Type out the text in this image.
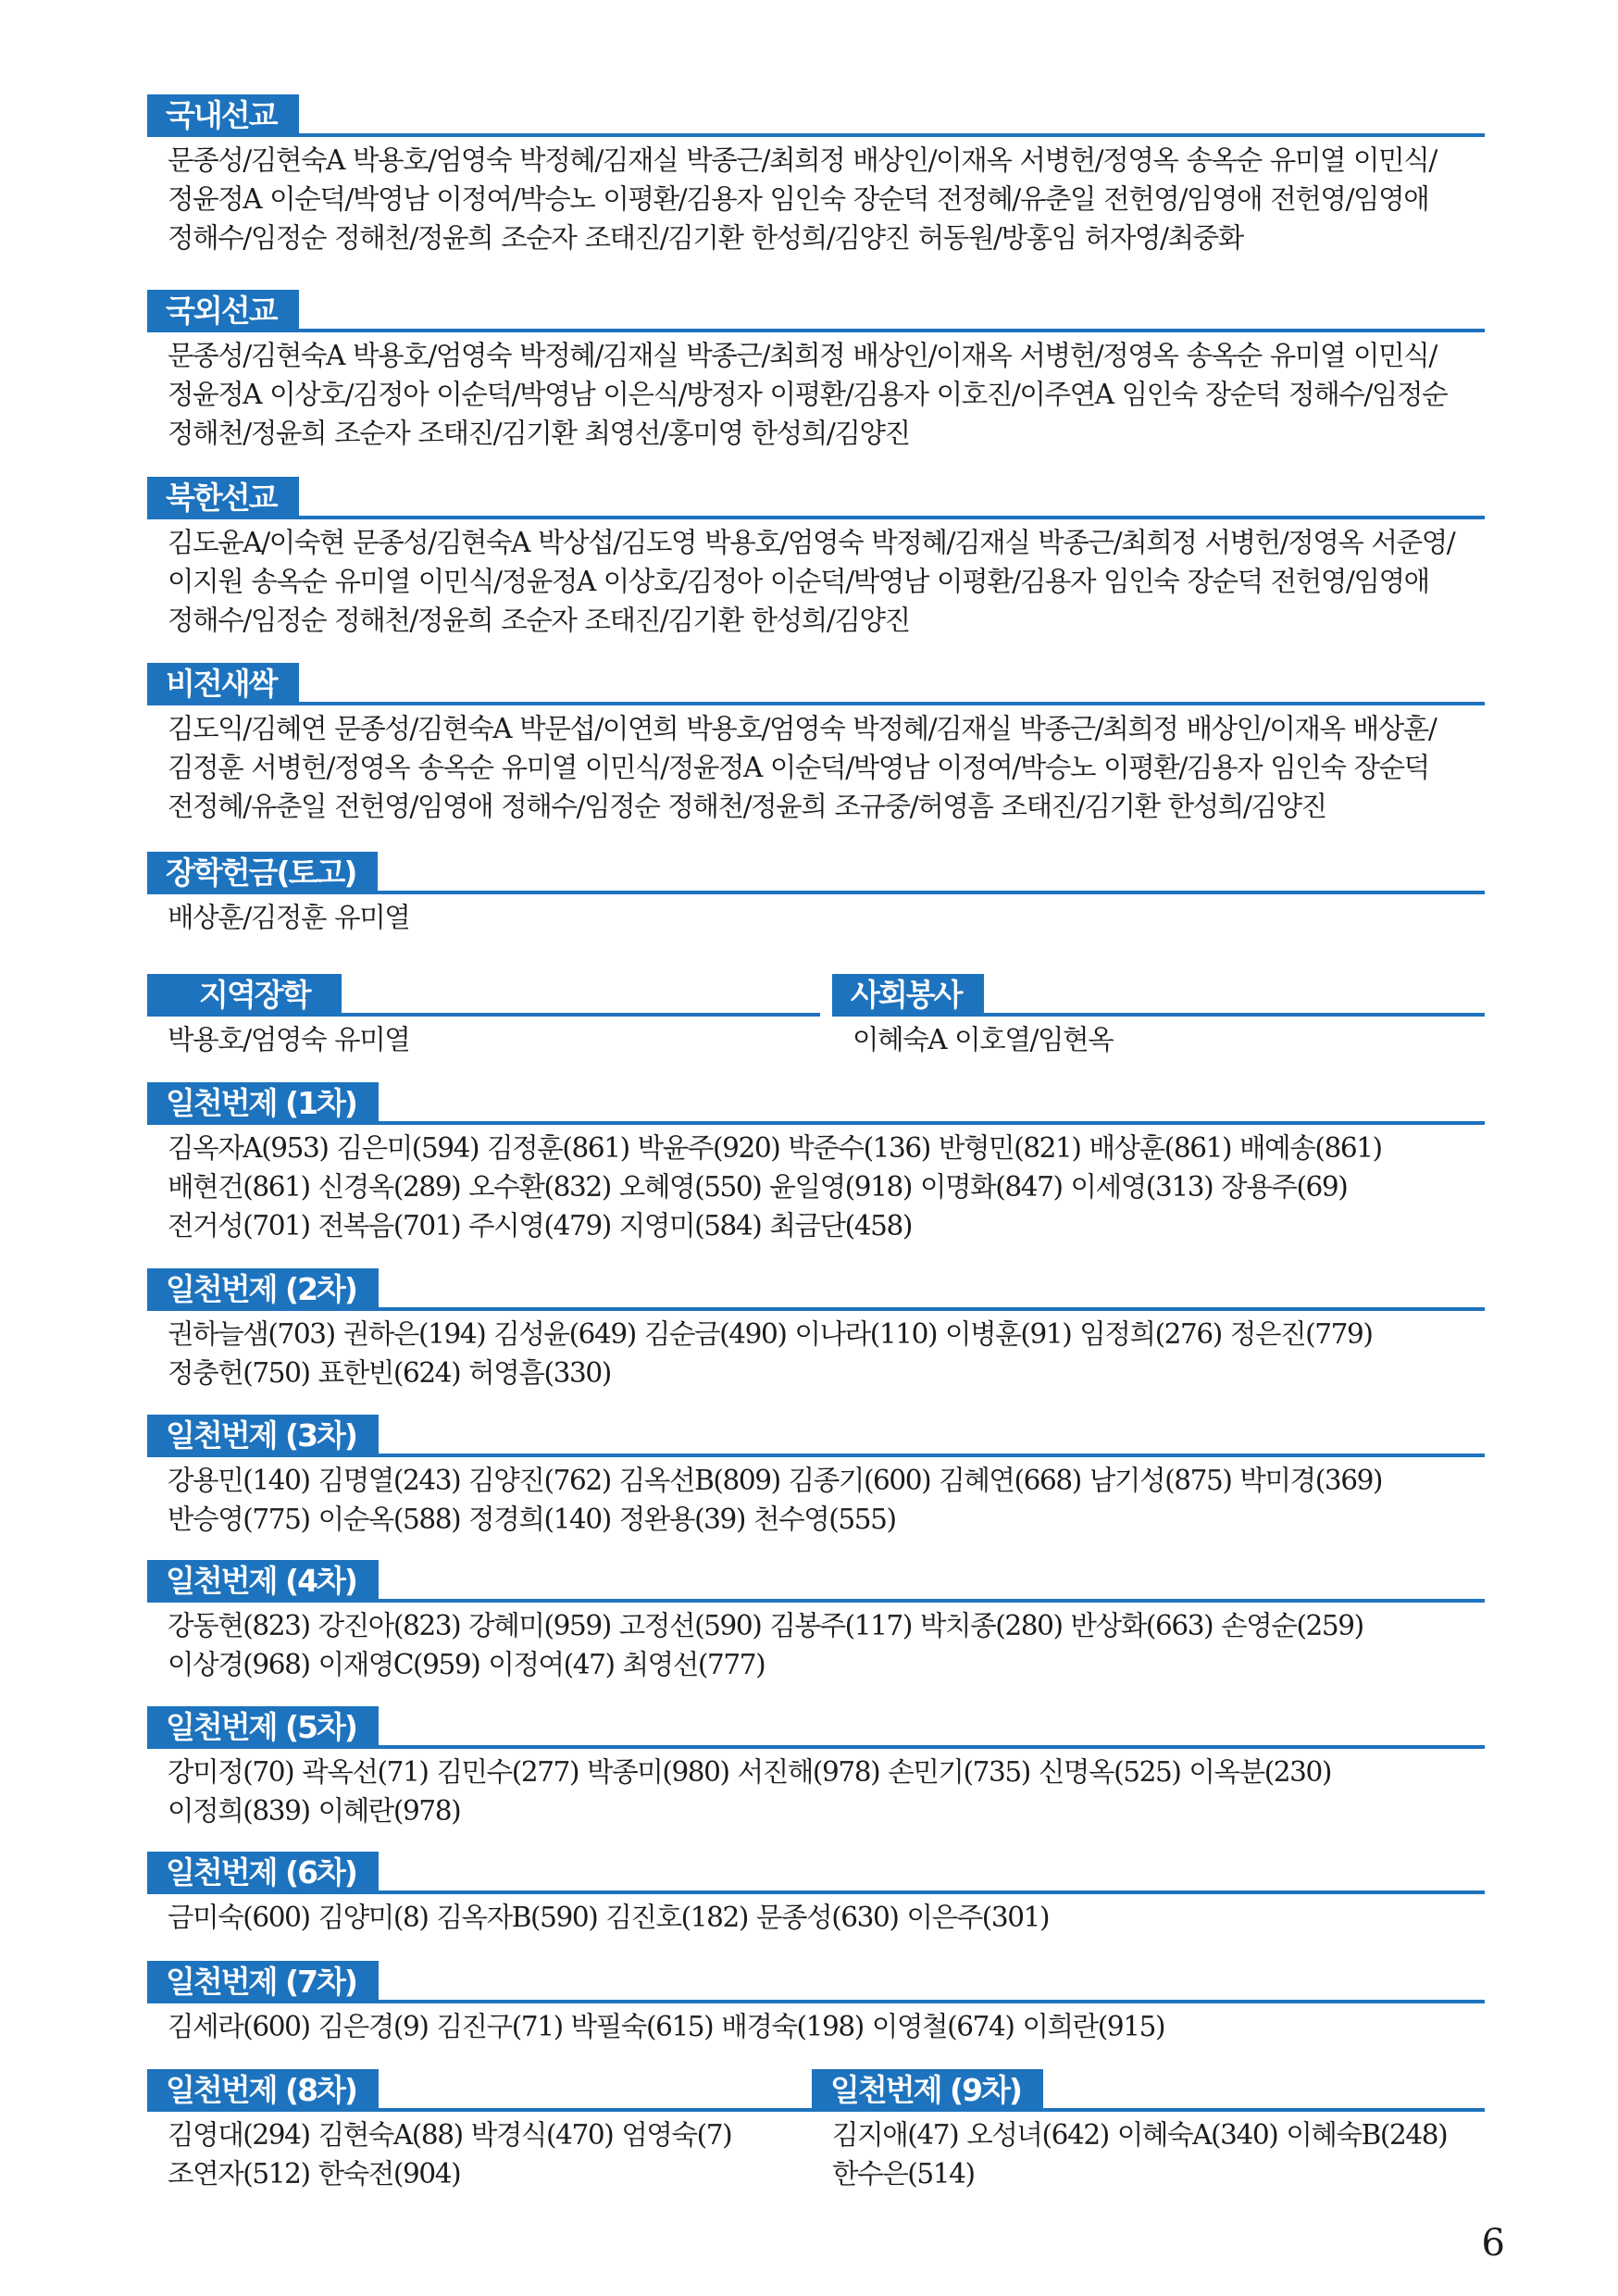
국내선교
문종성/김현숙A 박용호/엄영숙 박정혜/김재실 박종근/최희정 배상인/이재옥 서병헌/정영옥 송옥순 유미열 이민식/
정윤정A 이순덕/박영남 이정여/박승노 이평환/김용자 임인숙 장순덕 전정혜/유춘일 전헌영/임영애 전헌영/임영애
정해수/임정순 정해천/정윤희 조순자 조태진/김기환 한성희/김양진 허동원/방홍임 허자영/최중화
국외선교
문종성/김현숙A 박용호/엄영숙 박정혜/김재실 박종근/최희정 배상인/이재옥 서병헌/정영옥 송옥순 유미열 이민식/
정윤정A 이상호/김정아 이순덕/박영남 이은식/방정자 이평환/김용자 이호진/이주연A 임인숙 장순덕 정해수/임정순
정해천/정윤희 조순자 조태진/김기환 최영선/홍미영 한성희/김양진
북한선교
김도윤A/이숙현 문종성/김현숙A 박상섭/김도영 박용호/엄영숙 박정혜/김재실 박종근/최희정 서병헌/정영옥 서준영/
이지원 송옥순 유미열 이민식/정윤정A 이상호/김정아 이순덕/박영남 이평환/김용자 임인숙 장순덕 전헌영/임영애
정해수/임정순 정해천/정윤희 조순자 조태진/김기환 한성희/김양진
비전새싹
김도익/김혜연 문종성/김현숙A 박문섭/이연희 박용호/엄영숙 박정혜/김재실 박종근/최희정 배상인/이재옥 배상훈/
김정훈 서병헌/정영옥 송옥순 유미열 이민식/정윤정A 이순덕/박영남 이정여/박승노 이평환/김용자 임인숙 장순덕
전정혜/유춘일 전헌영/임영애 정해수/임정순 정해천/정윤희 조규중/허영흠 조태진/김기환 한성희/김양진
장학헌금(토고)
배상훈/김정훈 유미열
지역장학
박용호/엄영숙 유미열
사회봉사
이혜숙A 이호열/임현옥
일천번제 (1차)
김옥자A(953) 김은미(594) 김정훈(861) 박윤주(920) 박준수(136) 반형민(821) 배상훈(861) 배예송(861)
배현건(861) 신경옥(289) 오수환(832) 오혜영(550) 윤일영(918) 이명화(847) 이세영(313) 장용주(69)
전거성(701) 전복음(701) 주시영(479) 지영미(584) 최금단(458)
일천번제 (2차)
권하늘샘(703) 권하은(194) 김성윤(649) 김순금(490) 이나라(110) 이병훈(91) 임정희(276) 정은진(779)
정충헌(750) 표한빈(624) 허영흠(330)
일천번제 (3차)
강용민(140) 김명열(243) 김양진(762) 김옥선B(809) 김종기(600) 김혜연(668) 남기성(875) 박미경(369)
반승영(775) 이순옥(588) 정경희(140) 정완용(39) 천수영(555)
일천번제 (4차)
강동현(823) 강진아(823) 강혜미(959) 고정선(590) 김봉주(117) 박치종(280) 반상화(663) 손영순(259)
이상경(968) 이재영C(959) 이정여(47) 최영선(777)
일천번제 (5차)
강미정(70) 곽옥선(71) 김민수(277) 박종미(980) 서진해(978) 손민기(735) 신명옥(525) 이옥분(230)
이정희(839) 이혜란(978)
일천번제 (6차)
금미숙(600) 김양미(8) 김옥자B(590) 김진호(182) 문종성(630) 이은주(301)
일천번제 (7차)
김세라(600) 김은경(9) 김진구(71) 박필숙(615) 배경숙(198) 이영철(674) 이희란(915)
일천번제 (8차)
김영대(294) 김현숙A(88) 박경식(470) 엄영숙(7)
조연자(512) 한숙전(904)
일천번제 (9차)
김지애(47) 오성녀(642) 이혜숙A(340) 이혜숙B(248)
한수은(514)
6
